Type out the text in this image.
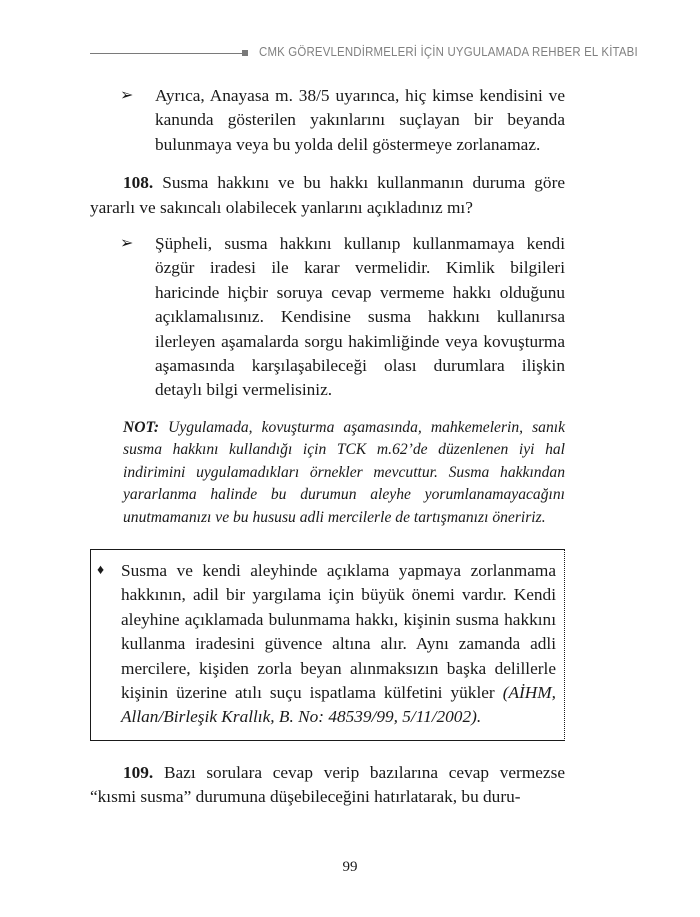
CMK GÖREVLENDİRMELERİ İÇİN UYGULAMADA REHBER EL KİTABI
➢ Ayrıca, Anayasa m. 38/5 uyarınca, hiç kimse kendisini ve kanunda gösterilen yakınlarını suçlayan bir beyanda bulunmaya veya bu yolda delil göstermeye zorlanamaz.

108. Susma hakkını ve bu hakkı kullanmanın duruma göre yararlı ve sakıncalı olabilecek yanlarını açıkladınız mı?
➢ Şüpheli, susma hakkını kullanıp kullanmamaya kendi özgür iradesi ile karar vermelidir. Kimlik bilgileri haricinde hiçbir soruya cevap vermeme hakkı olduğunu açıklamalısınız. Kendisine susma hakkını kullanırsa ilerleyen aşamalarda sorgu hakimliğinde veya kovuşturma aşamasında karşılaşabileceği olası durumlara ilişkin detaylı bilgi vermelisiniz.

NOT: Uygulamada, kovuşturma aşamasında, mahkemelerin, sanık susma hakkını kullandığı için TCK m.62’de düzenlenen iyi hal indirimini uygulamadıkları örnekler mevcuttur. Susma hakkından yararlanma halinde bu durumun aleyhe yorumlanamayacağını unutmamanızı ve bu hususu adli mercilerle de tartışmanızı öneririz.
♦ Susma ve kendi aleyhinde açıklama yapmaya zorlanmama hakkının, adil bir yargılama için büyük önemi vardır. Kendi aleyhine açıklamada bulunmama hakkı, kişinin susma hakkını kullanma iradesini güvence altına alır. Aynı zamanda adli mercilere, kişiden zorla beyan alınmaksızın başka delillerle kişinin üzerine atılı suçu ispatlama külfetini yükler (AİHM, Allan/Birleşik Krallık, B. No: 48539/99, 5/11/2002).
109. Bazı sorulara cevap verip bazılarına cevap vermezse “kısmi susma” durumuna düşebileceğini hatırlatarak, bu duru-
99
